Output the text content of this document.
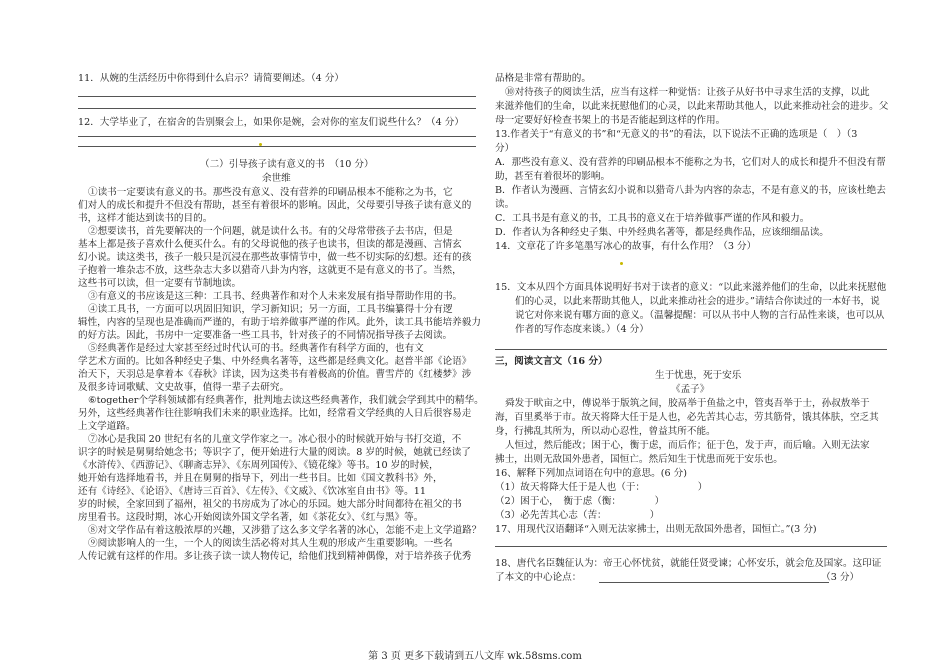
11．从婉的生活经历中你得到什么启示？请简要阐述。（4 分）
12．大学毕业了，在宿舍的告别聚会上，如果你是婉，会对你的室友们说些什么？（4 分）
（二）引导孩子读有意义的书　（10 分）
余世维
①读书一定要读有意义的书。那些没有意义、没有营养的印刷品根本不能称之为书，它
们对人的成长和提升不但没有帮助，甚至有着很坏的影响。因此，父母要引导孩子读有意义的
书，这样才能达到读书的目的。
②想要读书，首先要解决的一个问题，就是读什么书。有的父母常带孩子去书店，但是
基本上都是孩子喜欢什么便买什么。有的父母说他的孩子也读书，但读的都是漫画、言情玄
幻小说。读这类书，孩子一般只是沉浸在那些故事情节中，做一些不切实际的幻想。还有的孩
子抱着一堆杂志不放，这些杂志大多以猎奇八卦为内容，这就更不是有意义的书了。当然，
这些书可以读，但一定要有节制地读。
③有意义的书应该是这三种：工具书、经典著作和对个人未来发展有指导帮助作用的书。
④读工具书，一方面可以巩固旧知识，学习新知识；另一方面，工具书编纂得十分有逻
辑性，内容的呈现也是准确而严谨的，有助于培养做事严谨的作风。此外，读工具书能培养毅力
的好方法。因此，书房中一定要准备一些工具书，针对孩子的不同情况指导孩子去阅读。
⑤经典著作是经过大家甚至经过时代认可的书。经典著作有科学方面的，也有文
学艺术方面的。比如各种经史子集、中外经典名著等，这些都是经典文化。赵普半部《论语》
治天下，天羽总是拿着本《春秋》详读，因为这类书有着极高的价值。曹雪芹的《红楼梦》涉
及很多诗词歌赋、文史故事，值得一辈子去研究。
⑥together个学科领域都有经典著作，批判地去读这些经典著作，我们就会学到其中的精华。
另外，这些经典著作往往影响我们未来的职业选择。比如，经常看文学经典的人日后很容易走
上文学道路。
⑦冰心是我国 20 世纪有名的儿童文学作家之一。冰心很小的时候就开始与书打交道，不
识字的时候是舅舅给她念书；等识字了，便开始进行大量的阅读。8 岁的时候，她就已经读了
《水浒传》、《西游记》、《聊斋志异》、《东周列国传》、《镜花缘》等书。10 岁的时候，
她开始有选择地看书，并且在舅舅的指导下，列出一些书目。比如《国文教科书》外，
还有《诗经》、《论语》、《唐诗三百首》、《左传》、《文威》、《饮冰室自由书》等。11
岁的时候，全家回到了福州，祖父的书房成为了冰心的乐园。她大部分时间都待在祖父的书
房里看书。这段时期，冰心开始阅读外国文学名著，如《茶花女》、《红与黑》等。
⑧对文学作品有着这般浓厚的兴趣，又涉猎了这么多文学名著的冰心，怎能不走上文学道路？
⑨阅读影响人的一生，一个人的阅读生活必将对其人生观的形成产生重要影响。一些名
人传记就有这样的作用。多让孩子读一读人物传记，给他们找到精神偶像，对于培养孩子优秀
品格是非常有帮助的。
⑩对待孩子的阅读生活，应当有这样一种觉悟：让孩子从好书中寻求生活的支撑，以此
来滋养他们的生命，以此来抚慰他们的心灵，以此来帮助其他人，以此来推动社会的进步。父
母一定要好好检查书架上的书是否能起到这样的作用。
13.作者关于“有意义的书”和“无意义的书”的看法，以下说法不正确的选项是（　）（3
分）
A．那些没有意义、没有营养的印刷品根本不能称之为书，它们对人的成长和提升不但没有帮
助，甚至有着很坏的影响。
B．作者认为漫画、言情玄幻小说和以猎奇八卦为内容的杂志，不是有意义的书，应该杜绝去
读。
C．工具书是有意义的书，工具书的意义在于培养做事严谨的作风和毅力。
D．作者认为各种经史子集、中外经典名著等，都是经典作品，应该细细品读。
14．文章花了许多笔墨写冰心的故事，有什么作用？（3 分）
15．文本从四个方面具体说明好书对于读者的意义：“以此来滋养他们的生命，以此来抚慰他
们的心灵，以此来帮助其他人，以此来推动社会的进步。”请结合你读过的一本好书，说
说它对你来说有哪方面的意义。（温馨提醒：可以从书中人物的言行品性来谈，也可以从
作者的写作态度来谈。）（4 分）
三，阅读文言文（16 分）
生于忧患，死于安乐
《孟子》
舜发于畎亩之中，傅说举于版筑之间，胶鬲举于鱼盐之中，管夷吾举于士，孙叔敖举于
海，百里奚举于市。故天将降大任于是人也，必先苦其心志，劳其筋骨，饿其体肤，空乏其
身，行拂乱其所为，所以动心忍性，曾益其所不能。
人恒过，然后能改；困于心，衡于虑，而后作；征于色，发于声，而后喻。入则无法家
拂士，出则无敌国外患者，国恒亡。然后知生于忧患而死于安乐也。
16、解释下列加点词语在句中的意思。(6 分)
（1）故天将降大任于是人也（于：　　　　　　）
（2）困于心，　衡于虑（衡：　　　　）
（3）必先苦其心志（苦：　　　　　）
17、用现代汉语翻译“入则无法家拂士，出则无敌国外患者，国恒亡。”(3 分)
18、唐代名臣魏征认为：帝王心怀忧贫，就能任贤受谏；心怀安乐，就会危及国家。这印证
了本文的中心论点：　　　　　　　　　　　　　　　　　　　　　　　　　　（3 分）
第 3 页 更多下载请到五八文库 wk.58sms.com
